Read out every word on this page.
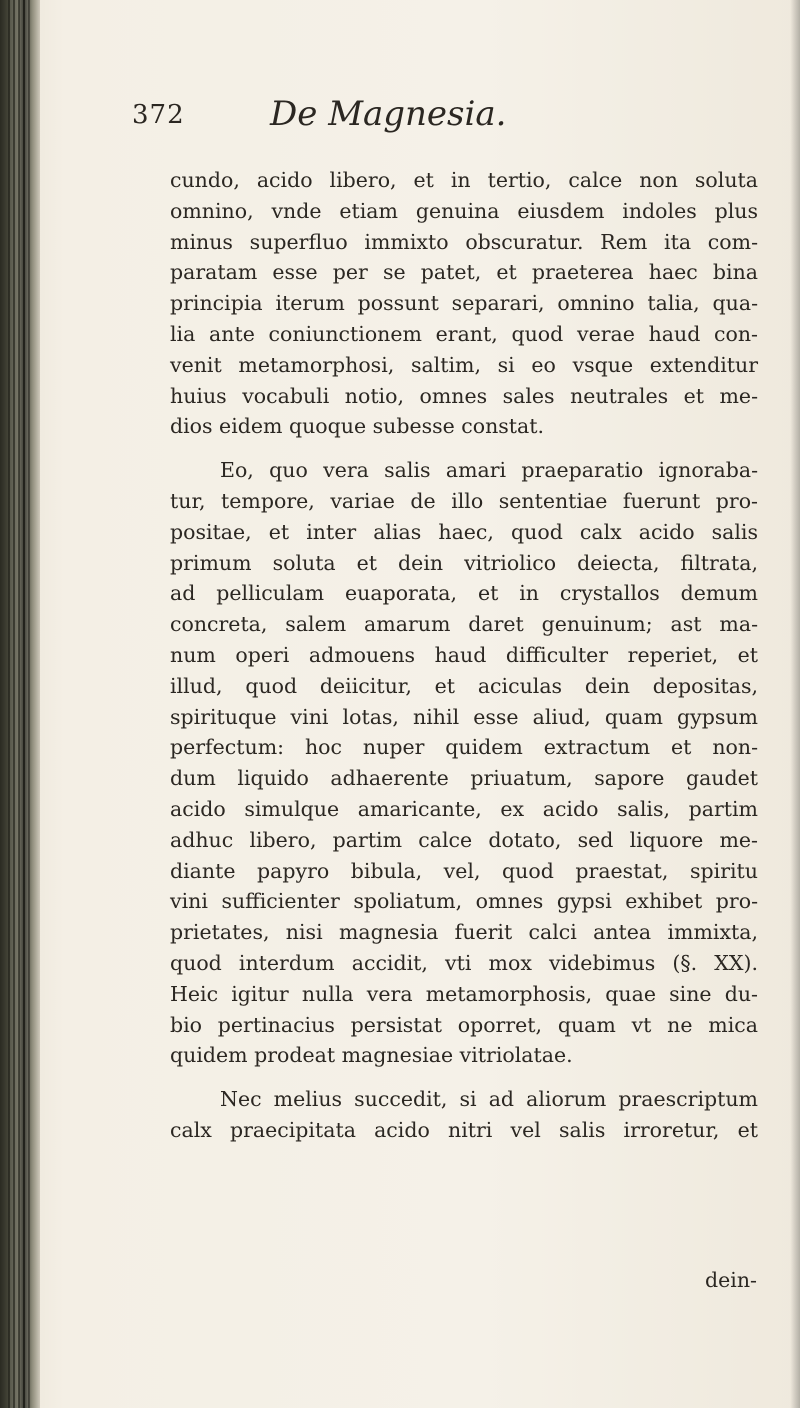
372	De Magnesia.

cundo, acido libero, et in tertio, calce non soluta
omnino, vnde etiam genuina eiusdem indoles plus
minus superfluo immixto obscuratur. Rem ita com-
paratam esse per se patet, et praeterea haec bina
principia iterum possunt separari, omnino talia, qua-
lia ante coniunctionem erant, quod verae haud con-
venit metamorphosi, saltim, si eo vsque extenditur
huius vocabuli notio, omnes sales neutrales et me-
dios eidem quoque subesse constat.

Eo, quo vera salis amari praeparatio ignoraba-
tur, tempore, variae de illo sententiae fuerunt pro-
positae, et inter alias haec, quod calx acido salis
primum soluta et dein vitriolico deiecta, filtrata,
ad pelliculam euaporata, et in crystallos demum
concreta, salem amarum daret genuinum; ast ma-
num operi admouens haud difficulter reperiet, et
illud, quod deiicitur, et aciculas dein depositas,
spirituque vini lotas, nihil esse aliud, quam gypsum
perfectum: hoc nuper quidem extractum et non-
dum liquido adhaerente priuatum, sapore gaudet
acido simulque amaricante, ex acido salis, partim
adhuc libero, partim calce dotato, sed liquore me-
diante papyro bibula, vel, quod praestat, spiritu
vini sufficienter spoliatum, omnes gypsi exhibet pro-
prietates, nisi magnesia fuerit calci antea immixta,
quod interdum accidit, vti mox videbimus (§. XX).
Heic igitur nulla vera metamorphosis, quae sine du-
bio pertinacius persistat oporret, quam vt ne mica
quidem prodeat magnesiae vitriolatae.

Nec melius succedit, si ad aliorum praescriptum
calx praecipitata acido nitri vel salis irroretur, et

dein-
